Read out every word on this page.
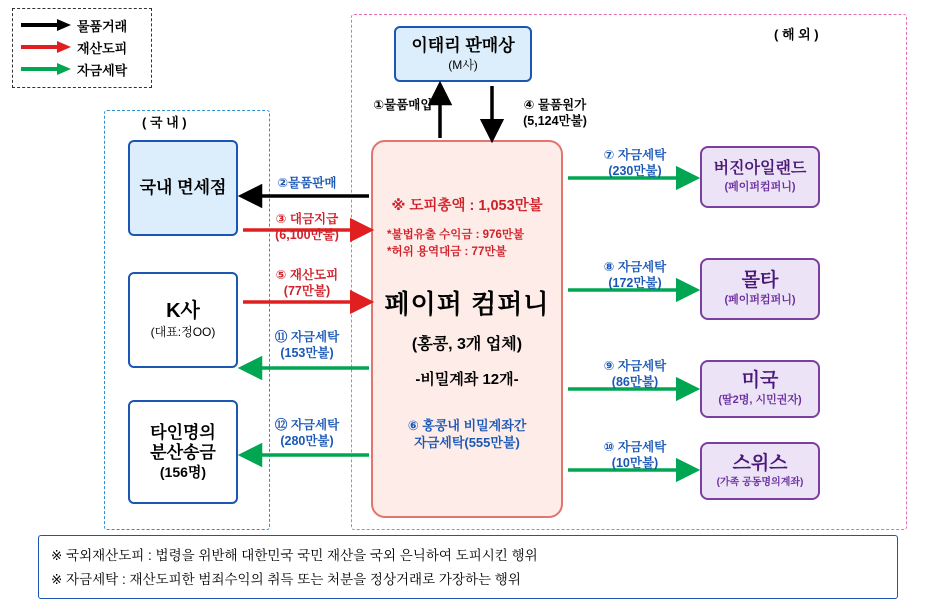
물품거래
재산도피
자금세탁
( 국 내 )
( 해 외 )
이태리 판매상
(M사)
국내 면세점
K사
(대표:정OO)
타인명의
분산송금
(156명)
※ 도피총액 : 1,053만불
*불법유출 수익금 : 976만불
*허위 용역대금 : 77만불
페이퍼 컴퍼니
(홍콩, 3개 업체)
-비밀계좌 12개-
⑥ 홍콩내 비밀계좌간
자금세탁(555만불)
버진아일랜드
(페이퍼컴퍼니)
몰타
(페이퍼컴퍼니)
미국
(딸2명, 시민권자)
스위스
(가족 공동명의계좌)
①물품매입	④ 물품원가
(5,124만불)
②물품판매
③ 대금지급
(6,100만불)
⑤ 재산도피
(77만불)
⑪ 자금세탁
(153만불)
⑫ 자금세탁
(280만불)
⑦ 자금세탁
(230만불)
⑧ 자금세탁
(172만불)
⑨ 자금세탁
(86만불)
⑩ 자금세탁
(10만불)
※ 국외재산도피 : 법령을 위반해 대한민국 국민 재산을 국외 은닉하여 도피시킨 행위
※ 자금세탁 : 재산도피한 범죄수익의 취득 또는 처분을 정상거래로 가장하는 행위
